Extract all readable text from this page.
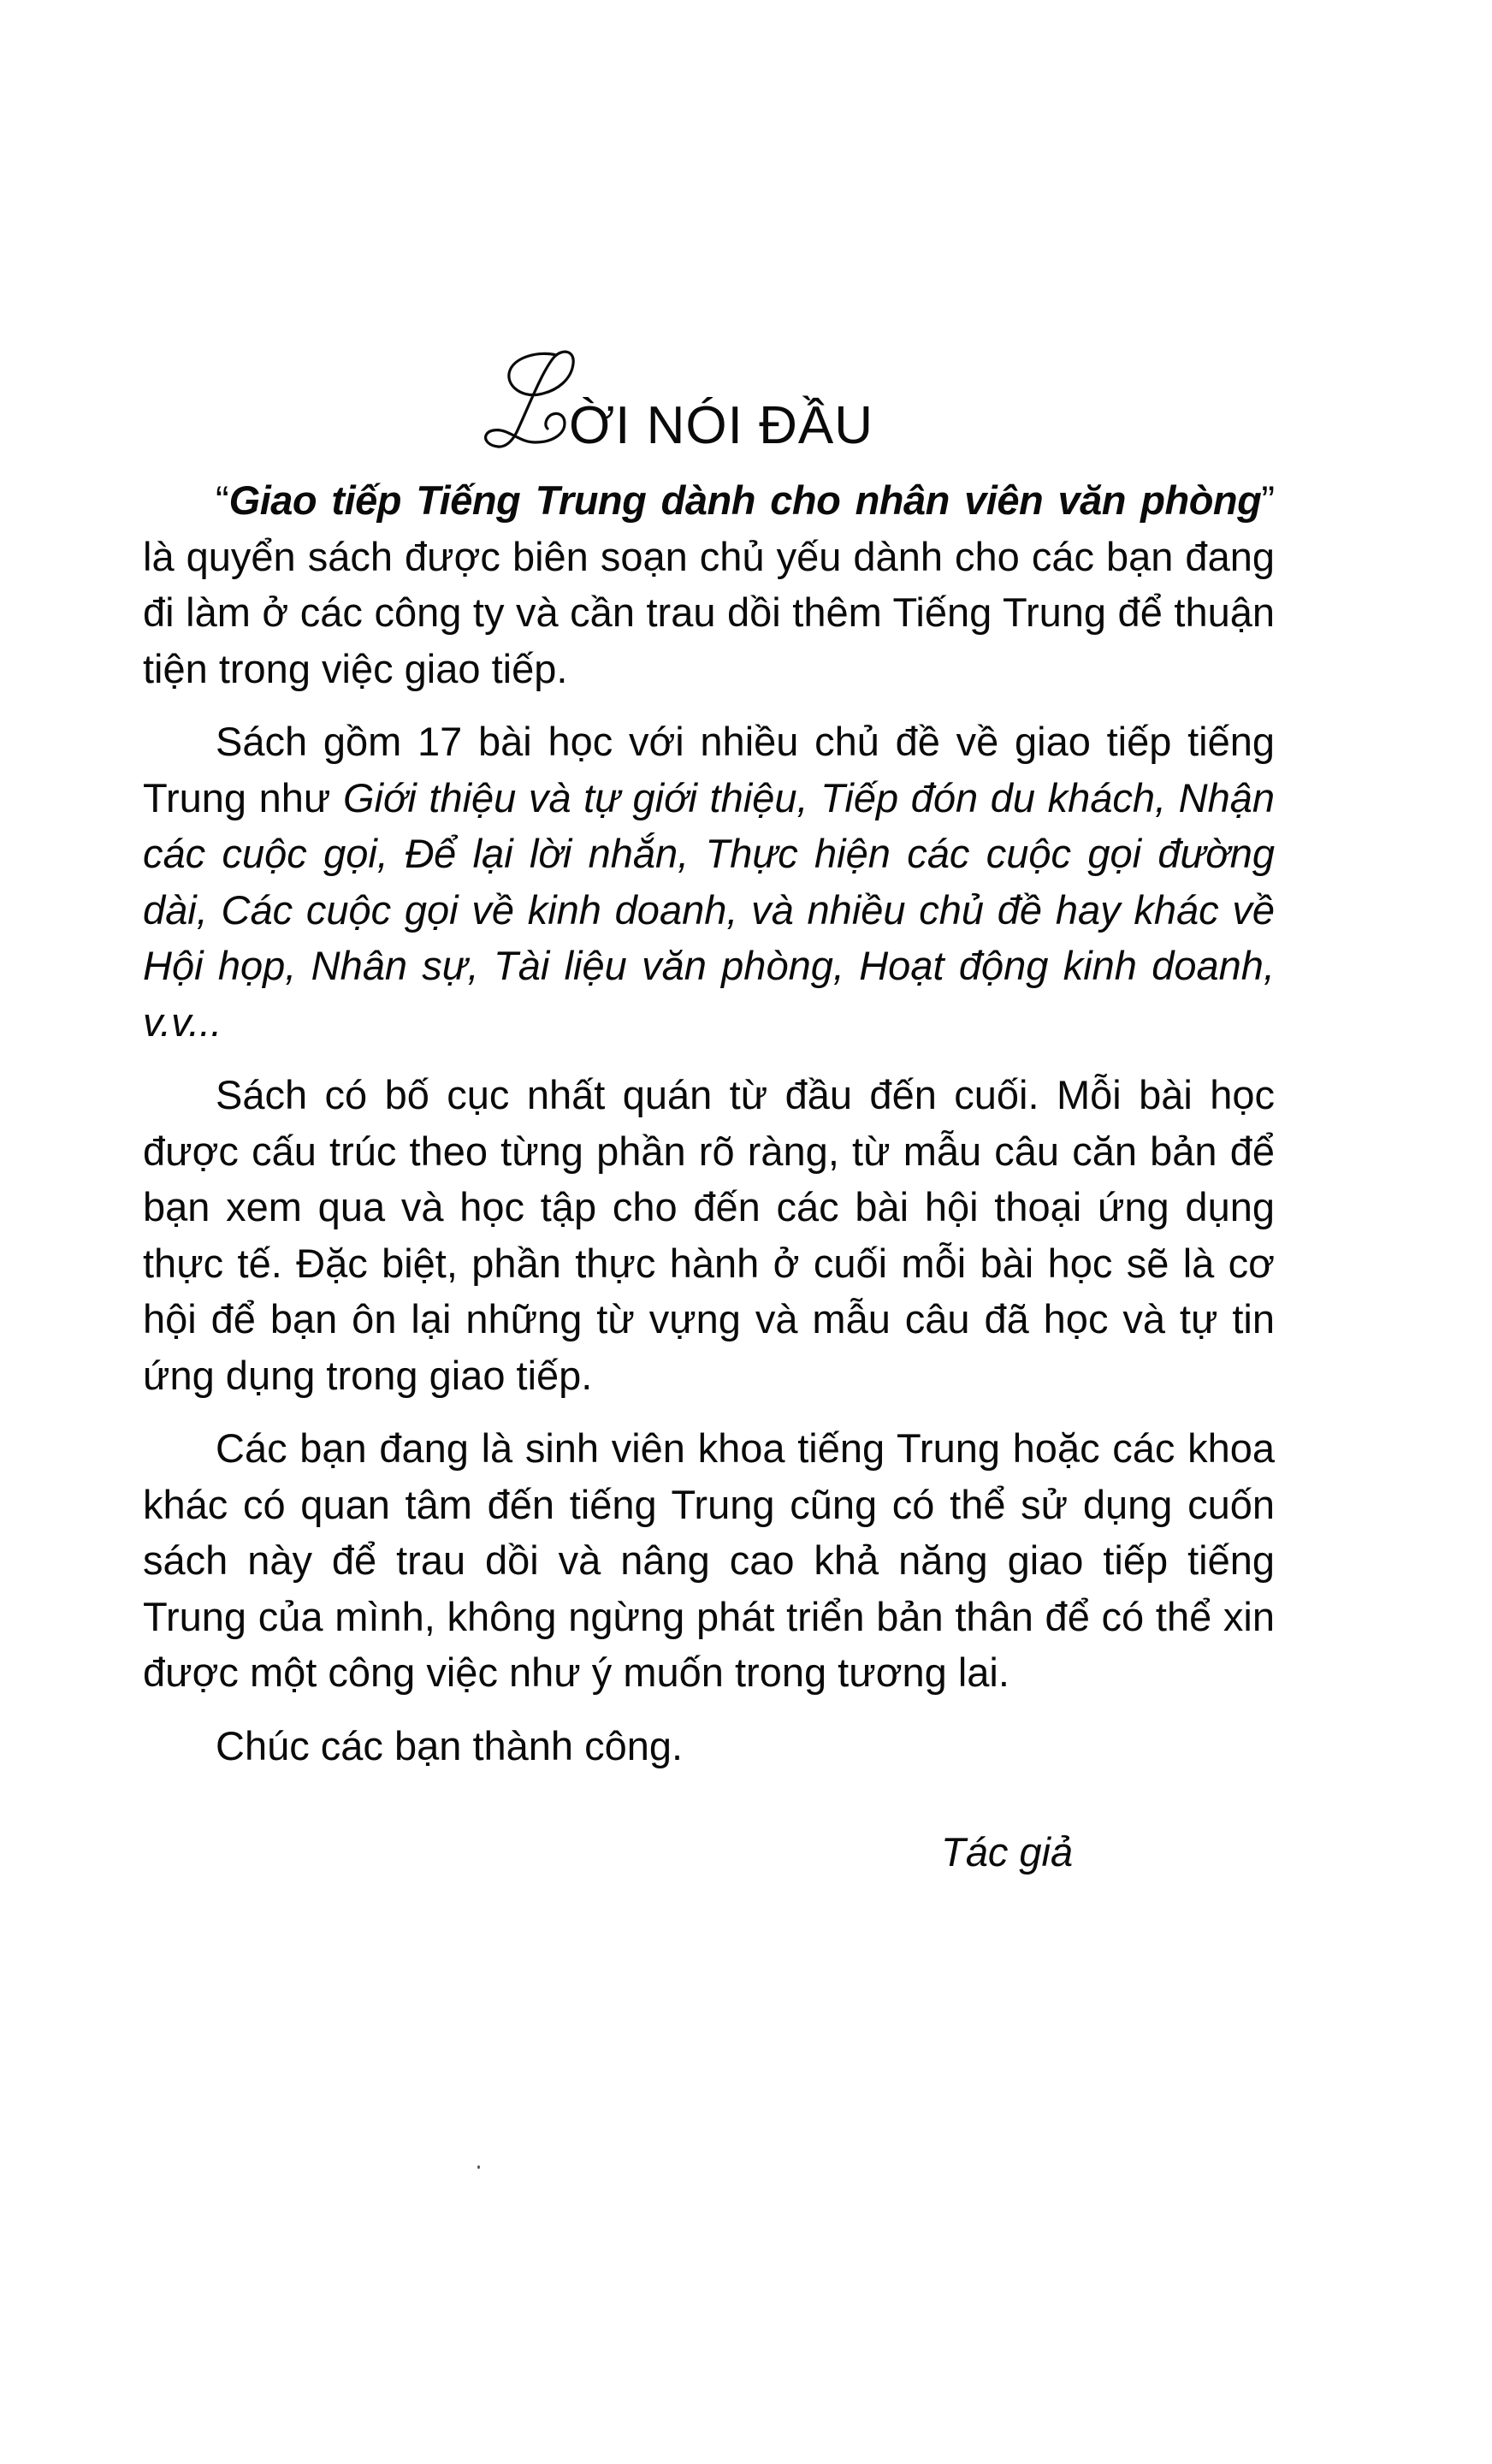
ỜI NÓI ĐẦU

“Giao tiếp Tiếng Trung dành cho nhân viên văn phòng” là quyển sách được biên soạn chủ yếu dành cho các bạn đang đi làm ở các công ty và cần trau dồi thêm Tiếng Trung để thuận tiện trong việc giao tiếp.

Sách gồm 17 bài học với nhiều chủ đề về giao tiếp tiếng Trung như Giới thiệu và tự giới thiệu, Tiếp đón du khách, Nhận các cuộc gọi, Để lại lời nhắn, Thực hiện các cuộc gọi đường dài, Các cuộc gọi về kinh doanh, và nhiều chủ đề hay khác về Hội họp, Nhân sự, Tài liệu văn phòng, Hoạt động kinh doanh, v.v...

Sách có bố cục nhất quán từ đầu đến cuối. Mỗi bài học được cấu trúc theo từng phần rõ ràng, từ mẫu câu căn bản để bạn xem qua và học tập cho đến các bài hội thoại ứng dụng thực tế. Đặc biệt, phần thực hành ở cuối mỗi bài học sẽ là cơ hội để bạn ôn lại những từ vựng và mẫu câu đã học và tự tin ứng dụng trong giao tiếp.

Các bạn đang là sinh viên khoa tiếng Trung hoặc các khoa khác có quan tâm đến tiếng Trung cũng có thể sử dụng cuốn sách này để trau dồi và nâng cao khả năng giao tiếp tiếng Trung của mình, không ngừng phát triển bản thân để có thể xin được một công việc như ý muốn trong tương lai.

Chúc các bạn thành công.

Tác giả
